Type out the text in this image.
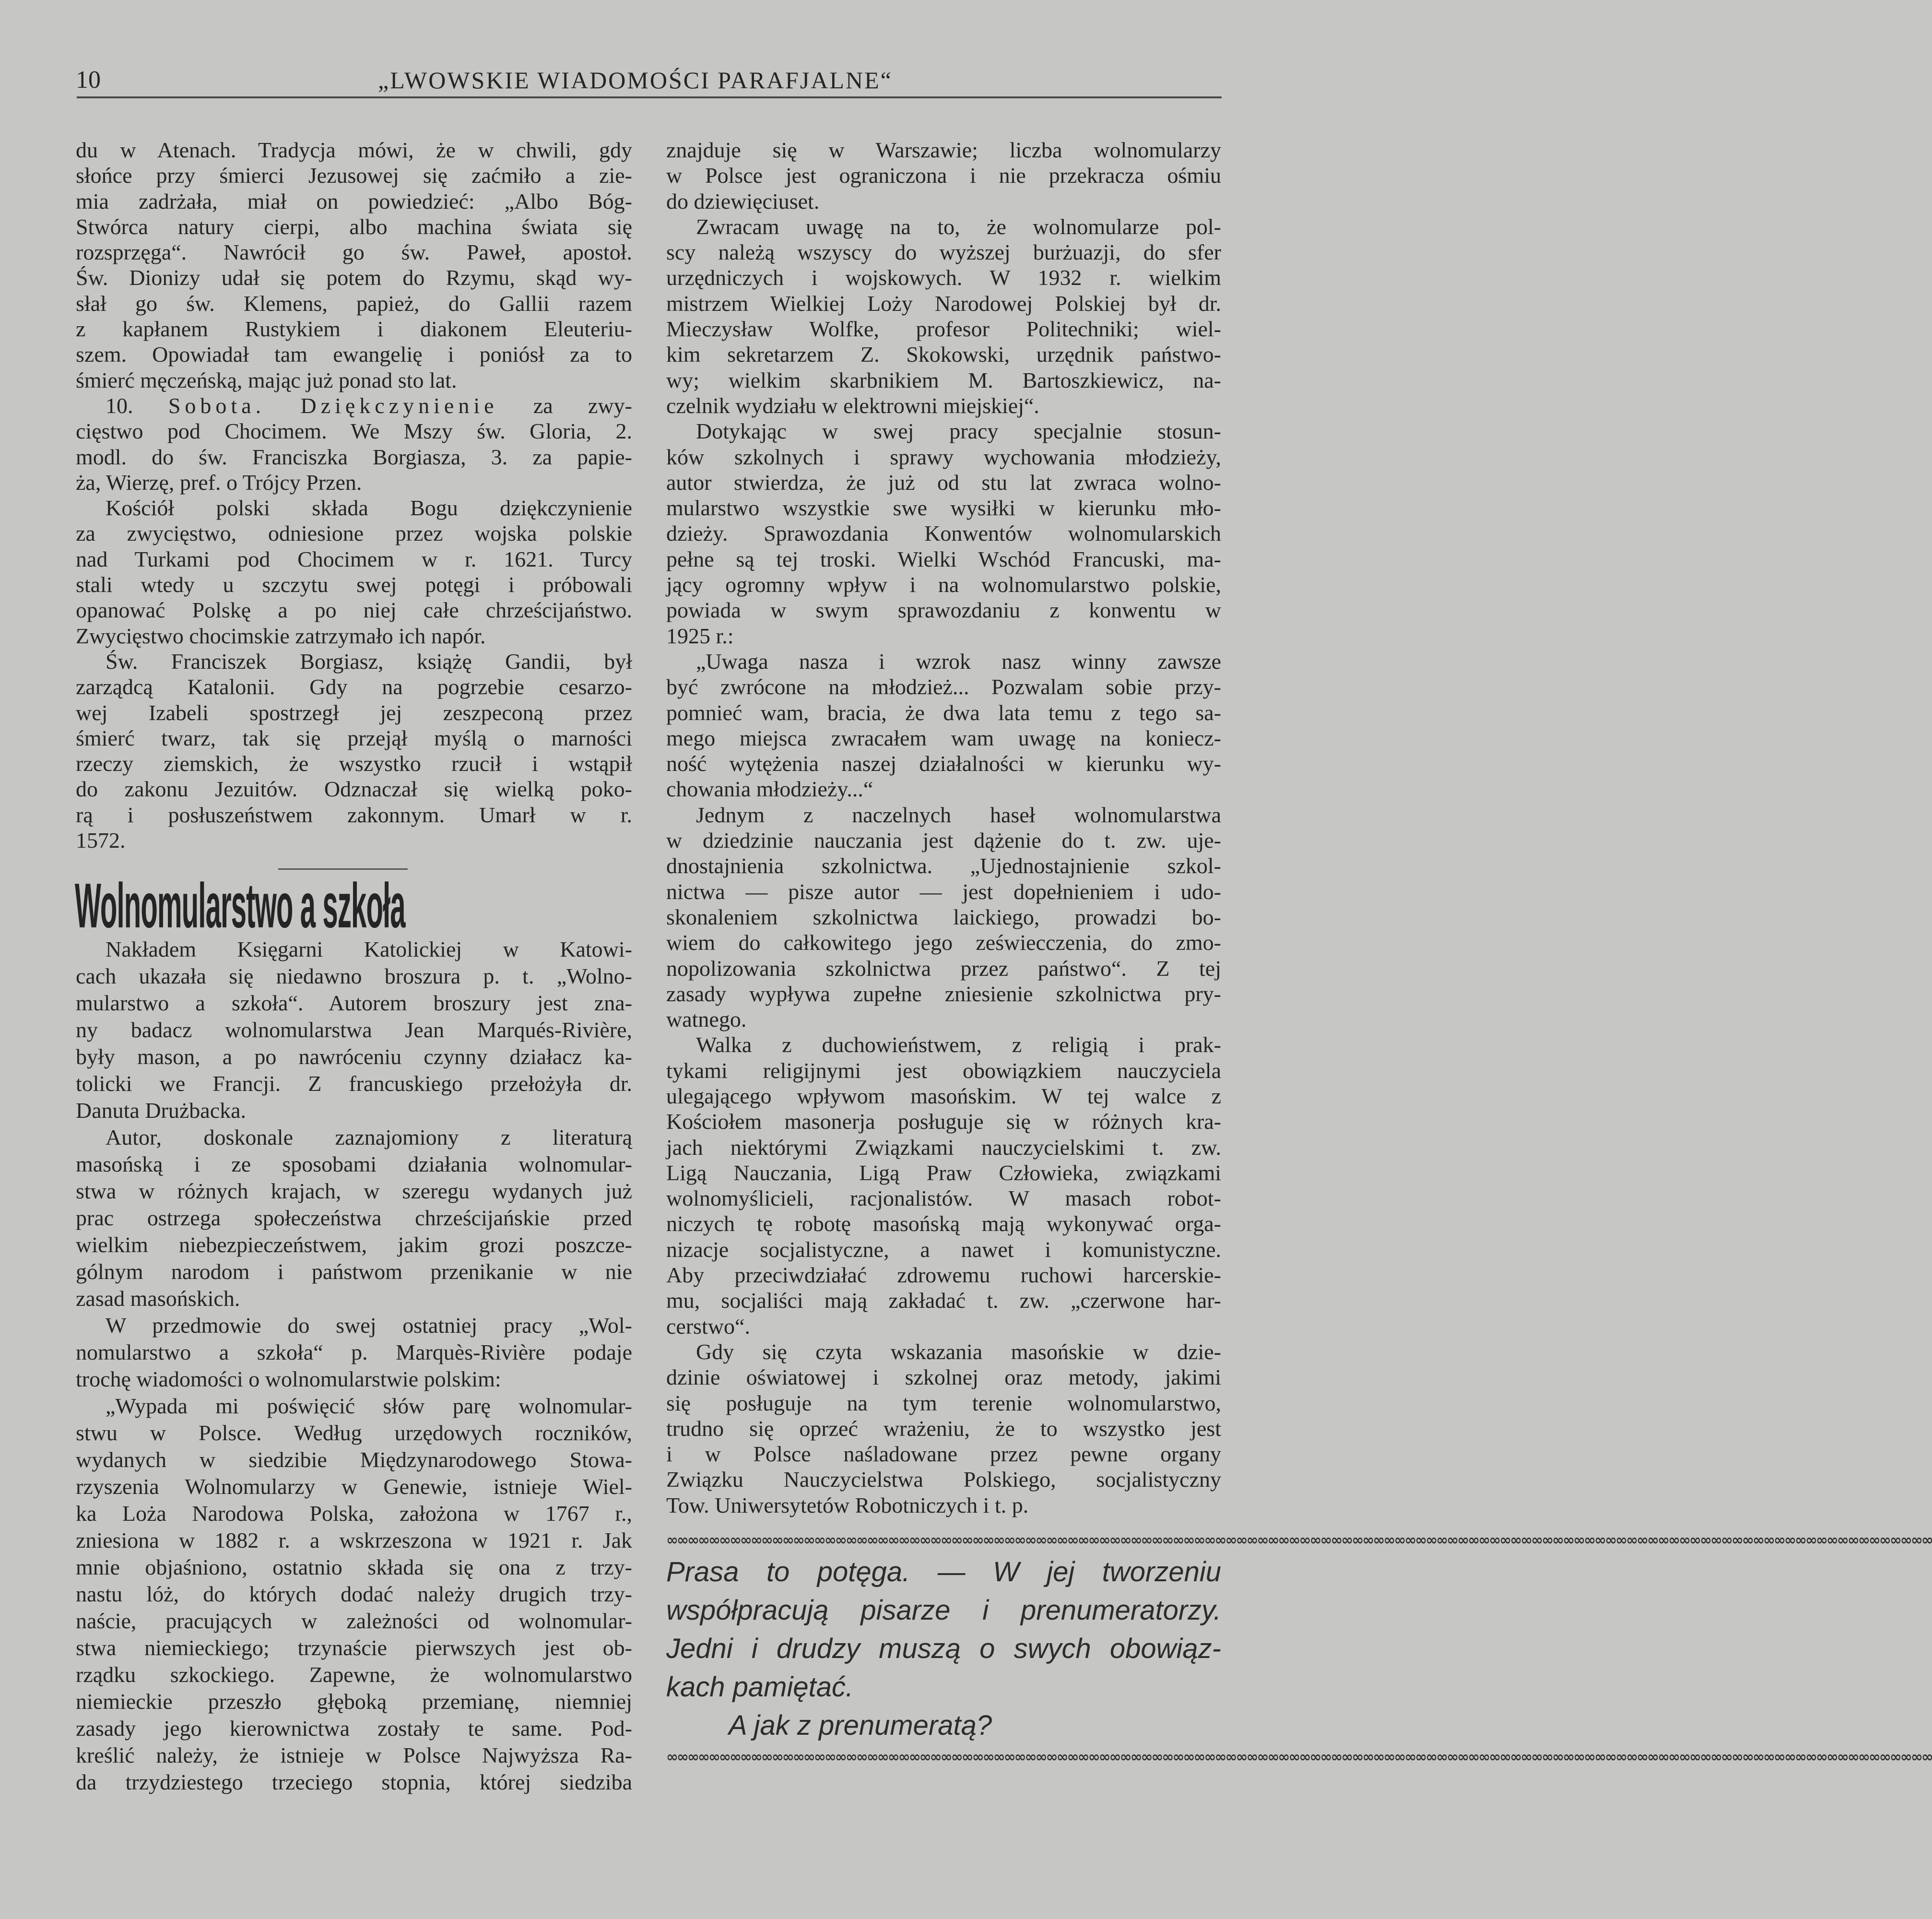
10	„LWOWSKIE WIADOMOŚCI PARAFJALNE“
du w Atenach. Tradycja mówi, że w chwili, gdy
słońce przy śmierci Jezusowej się zaćmiło a zie-
mia zadrżała, miał on powiedzieć: „Albo Bóg-
Stwórca natury cierpi, albo machina świata się
rozsprzęga“. Nawrócił go św. Paweł, apostoł.
Św. Dionizy udał się potem do Rzymu, skąd wy-
słał go św. Klemens, papież, do Gallii razem
z kapłanem Rustykiem i diakonem Eleuteriu-
szem. Opowiadał tam ewangelię i poniósł za to
śmierć męczeńską, mając już ponad sto lat.
10. Sobota. Dziękczynienie za zwy-
cięstwo pod Chocimem. We Mszy św. Gloria, 2.
modl. do św. Franciszka Borgiasza, 3. za papie-
ża, Wierzę, pref. o Trójcy Przen.
Kościół polski składa Bogu dziękczynienie
za zwycięstwo, odniesione przez wojska polskie
nad Turkami pod Chocimem w r. 1621. Turcy
stali wtedy u szczytu swej potęgi i próbowali
opanować Polskę a po niej całe chrześcijaństwo.
Zwycięstwo chocimskie zatrzymało ich napór.
Św. Franciszek Borgiasz, książę Gandii, był
zarządcą Katalonii. Gdy na pogrzebie cesarzo-
wej Izabeli spostrzegł jej zeszpeconą przez
śmierć twarz, tak się przejął myślą o marności
rzeczy ziemskich, że wszystko rzucił i wstąpił
do zakonu Jezuitów. Odznaczał się wielką poko-
rą i posłuszeństwem zakonnym. Umarł w r.
1572.
Wolnomularstwo a szkoła
Nakładem Księgarni Katolickiej w Katowi-
cach ukazała się niedawno broszura p. t. „Wolno-
mularstwo a szkoła“. Autorem broszury jest zna-
ny badacz wolnomularstwa Jean Marqués-Rivière,
były mason, a po nawróceniu czynny działacz ka-
tolicki we Francji. Z francuskiego przełożyła dr.
Danuta Drużbacka.
Autor, doskonale zaznajomiony z literaturą
masońską i ze sposobami działania wolnomular-
stwa w różnych krajach, w szeregu wydanych już
prac ostrzega społeczeństwa chrześcijańskie przed
wielkim niebezpieczeństwem, jakim grozi poszcze-
gólnym narodom i państwom przenikanie w nie
zasad masońskich.
W przedmowie do swej ostatniej pracy „Wol-
nomularstwo a szkoła“ p. Marquès-Rivière podaje
trochę wiadomości o wolnomularstwie polskim:
„Wypada mi poświęcić słów parę wolnomular-
stwu w Polsce. Według urzędowych roczników,
wydanych w siedzibie Międzynarodowego Stowa-
rzyszenia Wolnomularzy w Genewie, istnieje Wiel-
ka Loża Narodowa Polska, założona w 1767 r.,
zniesiona w 1882 r. a wskrzeszona w 1921 r. Jak
mnie objaśniono, ostatnio składa się ona z trzy-
nastu lóż, do których dodać należy drugich trzy-
naście, pracujących w zależności od wolnomular-
stwa niemieckiego; trzynaście pierwszych jest ob-
rządku szkockiego. Zapewne, że wolnomularstwo
niemieckie przeszło głęboką przemianę, niemniej
zasady jego kierownictwa zostały te same. Pod-
kreślić należy, że istnieje w Polsce Najwyższa Ra-
da trzydziestego trzeciego stopnia, której siedziba
znajduje się w Warszawie; liczba wolnomularzy
w Polsce jest ograniczona i nie przekracza ośmiu
do dziewięciuset.
Zwracam uwagę na to, że wolnomularze pol-
scy należą wszyscy do wyższej burżuazji, do sfer
urzędniczych i wojskowych. W 1932 r. wielkim
mistrzem Wielkiej Loży Narodowej Polskiej był dr.
Mieczysław Wolfke, profesor Politechniki; wiel-
kim sekretarzem Z. Skokowski, urzędnik państwo-
wy; wielkim skarbnikiem M. Bartoszkiewicz, na-
czelnik wydziału w elektrowni miejskiej“.
Dotykając w swej pracy specjalnie stosun-
ków szkolnych i sprawy wychowania młodzieży,
autor stwierdza, że już od stu lat zwraca wolno-
mularstwo wszystkie swe wysiłki w kierunku mło-
dzieży. Sprawozdania Konwentów wolnomularskich
pełne są tej troski. Wielki Wschód Francuski, ma-
jący ogromny wpływ i na wolnomularstwo polskie,
powiada w swym sprawozdaniu z konwentu w
1925 r.:
„Uwaga nasza i wzrok nasz winny zawsze
być zwrócone na młodzież... Pozwalam sobie przy-
pomnieć wam, bracia, że dwa lata temu z tego sa-
mego miejsca zwracałem wam uwagę na koniecz-
ność wytężenia naszej działalności w kierunku wy-
chowania młodzieży...“
Jednym z naczelnych haseł wolnomularstwa
w dziedzinie nauczania jest dążenie do t. zw. uje-
dnostajnienia szkolnictwa. „Ujednostajnienie szkol-
nictwa — pisze autor — jest dopełnieniem i udo-
skonaleniem szkolnictwa laickiego, prowadzi bo-
wiem do całkowitego jego zeświecczenia, do zmo-
nopolizowania szkolnictwa przez państwo“. Z tej
zasady wypływa zupełne zniesienie szkolnictwa pry-
watnego.
Walka z duchowieństwem, z religią i prak-
tykami religijnymi jest obowiązkiem nauczyciela
ulegającego wpływom masońskim. W tej walce z
Kościołem masonerja posługuje się w różnych kra-
jach niektórymi Związkami nauczycielskimi t. zw.
Ligą Nauczania, Ligą Praw Człowieka, związkami
wolnomyślicieli, racjonalistów. W masach robot-
niczych tę robotę masońską mają wykonywać orga-
nizacje socjalistyczne, a nawet i komunistyczne.
Aby przeciwdziałać zdrowemu ruchowi harcerskie-
mu, socjaliści mają zakładać t. zw. „czerwone har-
cerstwo“.
Gdy się czyta wskazania masońskie w dzie-
dzinie oświatowej i szkolnej oraz metody, jakimi
się posługuje na tym terenie wolnomularstwo,
trudno się oprzeć wrażeniu, że to wszystko jest
i w Polsce naśladowane przez pewne organy
Związku Nauczycielstwa Polskiego, socjalistyczny
Tow. Uniwersytetów Robotniczych i t. p.
∞∞∞∞∞∞∞∞∞∞∞∞∞∞∞∞∞∞∞∞∞∞∞∞∞∞∞∞∞∞∞∞∞∞∞∞∞∞∞∞∞∞∞∞∞∞∞∞∞∞∞∞∞∞∞∞∞∞∞∞∞∞∞∞∞∞∞∞∞∞∞∞∞∞∞∞∞∞∞∞∞∞∞∞∞∞∞∞∞∞∞∞∞∞∞∞∞∞∞∞∞∞∞∞∞∞∞∞∞∞∞∞∞∞∞∞∞∞∞∞
Prasa to potęga. — W jej tworzeniu
współpracują pisarze i prenumeratorzy.
Jedni i drudzy muszą o swych obowiąz-
kach pamiętać.
A jak z prenumeratą?
∞∞∞∞∞∞∞∞∞∞∞∞∞∞∞∞∞∞∞∞∞∞∞∞∞∞∞∞∞∞∞∞∞∞∞∞∞∞∞∞∞∞∞∞∞∞∞∞∞∞∞∞∞∞∞∞∞∞∞∞∞∞∞∞∞∞∞∞∞∞∞∞∞∞∞∞∞∞∞∞∞∞∞∞∞∞∞∞∞∞∞∞∞∞∞∞∞∞∞∞∞∞∞∞∞∞∞∞∞∞∞∞∞∞∞∞∞∞∞∞
